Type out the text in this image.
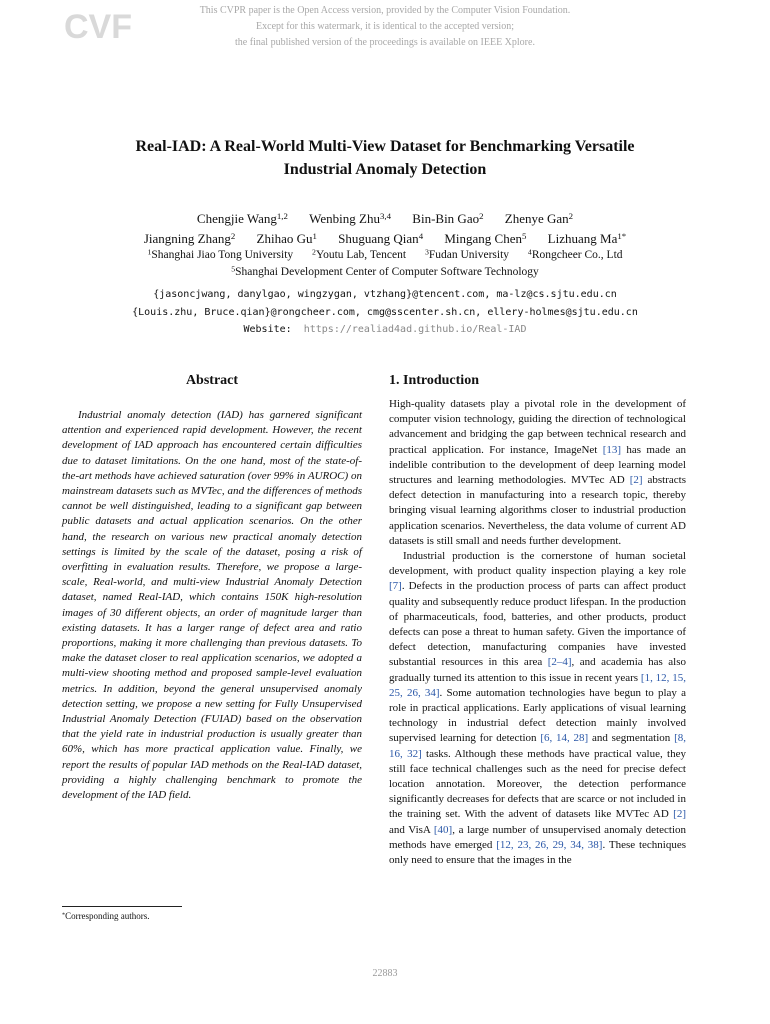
CVF	This CVPR paper is the Open Access version, provided by the Computer Vision Foundation.
Except for this watermark, it is identical to the accepted version;
the final published version of the proceedings is available on IEEE Xplore.
Real-IAD: A Real-World Multi-View Dataset for Benchmarking Versatile
Industrial Anomaly Detection
Chengjie Wang$^{1,2}$ Wenbing Zhu$^{3,4}$ Bin-Bin Gao$^2$ Zhenye Gan$^2$
Jiangning Zhang$^2$ Zhihao Gu$^1$ Shuguang Qian$^4$ Mingang Chen$^5$ Lizhuang $Ma^{1*}$
$^1$Shanghai Jiao Tong University $^2$Youtu Lab, Tencent $^3$Fudan University $^4$Rongcheer Co., Ltd
$^5$Shanghai Development Center of Computer Software Technology
{jasoncjwang, danylgao, wingzygan, vtzhang}@tencent.com, ma-lz@cs.sjtu.edu.cn
{Louis.zhu, Bruce.qian}@rongcheer.com, cmg@sscenter.sh.cn, ellery-holmes@sjtu.edu.cn
Website: https://realiad4ad.github.io/Real-IAD
Abstract

Industrial anomaly detection (IAD) has garnered significant attention and experienced rapid development. However, the recent development of IAD approach has encountered certain difficulties due to dataset limitations. On the one hand, most of the state-of-the-art methods have achieved saturation (over 99% in AUROC) on mainstream datasets such as MVTec, and the differences of methods cannot be well distinguished, leading to a significant gap between public datasets and actual application scenarios. On the other hand, the research on various new practical anomaly detection settings is limited by the scale of the dataset, posing a risk of overfitting in evaluation results. Therefore, we propose a large-scale, Real-world, and multi-view Industrial Anomaly Detection dataset, named Real-IAD, which contains 150K high-resolution images of 30 different objects, an order of magnitude larger than existing datasets. It has a larger range of defect area and ratio proportions, making it more challenging than previous datasets. To make the dataset closer to real application scenarios, we adopted a multi-view shooting method and proposed sample-level evaluation metrics. In addition, beyond the general unsupervised anomaly detection setting, we propose a new setting for Fully Unsupervised Industrial Anomaly Detection (FUIAD) based on the observation that the yield rate in industrial production is usually greater than 60%, which has more practical application value. Finally, we report the results of popular IAD methods on the Real-IAD dataset, providing a highly challenging benchmark to promote the development of the IAD field.

*Corresponding authors.
1. Introduction

High-quality datasets play a pivotal role in the development of computer vision technology, guiding the direction of technological advancement and bridging the gap between technical research and practical application. For instance, ImageNet [13] has made an indelible contribution to the development of deep learning model structures and learning methodologies. MVTec AD [2] abstracts defect detection in manufacturing into a research topic, thereby bringing visual learning algorithms closer to industrial production application scenarios. Nevertheless, the data volume of current AD datasets is still small and needs further development.

Industrial production is the cornerstone of human societal development, with product quality inspection playing a key role [7]. Defects in the production process of parts can affect product quality and subsequently reduce product lifespan. In the production of pharmaceuticals, food, batteries, and other products, product defects can pose a threat to human safety. Given the importance of defect detection, manufacturing companies have invested substantial resources in this area [2–4], and academia has also gradually turned its attention to this issue in recent years [1, 12, 15, 25, 26, 34]. Some automation technologies have begun to play a role in practical applications. Early applications of visual learning technology in industrial defect detection mainly involved supervised learning for detection [6, 14, 28] and segmentation [8, 16, 32] tasks. Although these methods have practical value, they still face technical challenges such as the need for precise defect location annotation. Moreover, the detection performance significantly decreases for defects that are scarce or not included in the training set. With the advent of datasets like MVTec AD [2] and VisA [40], a large number of unsupervised anomaly detection methods have emerged [12, 23, 26, 29, 34, 38]. These techniques only need to ensure that the images in the

22883
